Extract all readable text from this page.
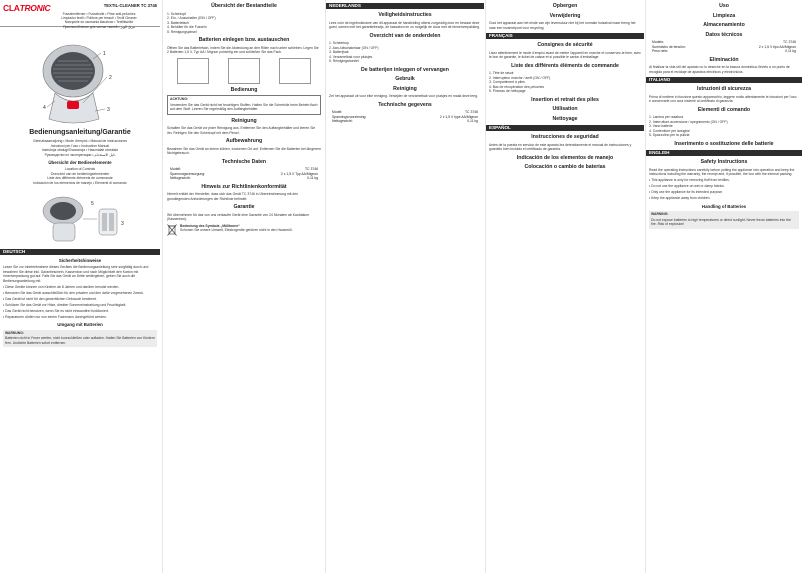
CLATRONIC	TEXTIL-CLEANER TC 3746
Fusselentferner • Fusselrolle • Prise anti-peluches
Limpiador textil • Pulitore per tessuti • Textil Cleaner
Narzędzie do usuwania kłaczków • Textiltisztító
Приспособление для чистки тканей • مزيل الوبر
1
2
4	3
Bedienungsanleitung/Garantie
Gebruiksaanwijzing • Mode d'emploi • Manual de instrucciones
Istruzioni per l'uso • Instruction Manual
Instrukcja obsługi/Gwarancja • Használati útmutató
Руководство по эксплуатации • دليل الاستخدام
Übersicht der Bedienelemente
Location of Controls
Overzicht van de bedieningselementen
Liste des différents éléments de commande
Indicación de los elementos de manejo • Elementi di comando
5
3
DEUTSCH
Sicherheitshinweise
Lesen Sie vor Inbetriebnahme dieses Gerätes die Bedienungsanleitung sehr sorgfältig durch und bewahren Sie diese inkl. Garantieschein, Kassenbon und nach Möglichkeit den Karton mit Innenverpackung gut auf. Falls Sie das Gerät an Dritte weitergeben, geben Sie auch die Bedienungsanleitung mit.
• Diese Geräte können von Kindern ab 8 Jahren und darüber benutzt werden.
• Benutzen Sie das Gerät ausschließlich für den privaten und den dafür vorgesehenen Zweck.
• Das Gerät ist nicht für den gewerblichen Gebrauch bestimmt.
• Schützen Sie das Gerät vor Hitze, direkter Sonneneinstrahlung und Feuchtigkeit.
• Das Gerät nicht benutzen, wenn Sie es nicht einwandfrei funktioniert.
• Reparaturen dürfen nur von einem Fachmann durchgeführt werden.
Umgang mit Batterien
WARNUNG:
Batterien nicht in Feuer werfen, nicht kurzschließen oder aufladen. Halten Sie Batterien von Kindern fern. Undichte Batterien sofort entfernen.
Übersicht der Bestandteile
1. Scherkopf
2. Ein- / Ausschalter (EIN / OFF)
3. Batteriefach
4. Behälter für die Fusseln
5. Reinigungspinsel
Batterien einlegen bzw. austauschen
Öffnen Sie das Batteriefach, indem Sie die Abdeckung an den Rillen nach unten schieben. Legen Sie 2 Batterien 1,5 V, Typ AA / Mignon polrichtig ein und schließen Sie das Fach.
Bedienung
ACHTUNG:
Verwenden Sie das Gerät nicht bei feuchtigen Stoffen. Halten Sie die Scherfolie beim Betrieb flach auf dem Stoff. Leeren Sie regelmäßig den Auffangbehälter.
Reinigung
Schalten Sie das Gerät vor jeder Reinigung aus. Entfernen Sie den Auffangbehälter und leeren Sie ihn. Reinigen Sie den Scherkopf mit dem Pinsel.
Aufbewahrung
Bewahren Sie das Gerät an einem kühlen, trockenen Ort auf. Entfernen Sie die Batterien bei längerem Nichtgebrauch.
Technische Daten
Modell:	TC 3746
Spannungsversorgung:	2 x 1,5 V Typ AA/Mignon
Nettogewicht:	0,11 kg
Hinweis zur Richtlinienkonformität
Hiermit erklärt der Hersteller, dass sich das Gerät TC 3746 in Übereinstimmung mit den grundlegenden Anforderungen der Richtlinie befindet.
Garantie
Wir übernehmen für das von uns verkaufte Gerät eine Garantie von 24 Monaten ab Kaufdatum (Kassenbon).
Bedeutung des Symbols „Mülltonne“
Schonen Sie unsere Umwelt, Elektrogeräte gehören nicht in den Hausmüll.
NEDERLANDS
Veiligheidsinstructies
Lees vóór de ingebruikname van dit apparaat de handleiding uiterst zorgvuldig door en bewaar deze goed, samen met het garantiebewijs, de kassabon en zo mogelijk de doos met de binnenverpakking.
Overzicht van de onderdelen
1. Scheerkop
2. Aan-/uitschakelaar (ON / OFF)
3. Batterijvak
4. Verzamelbak voor pluisjes
5. Reinigingsborstel
De batterijen inleggen of vervangen
Gebruik
Reiniging
Zet het apparaat uit voor elke reiniging. Verwijder de verzamelbak voor pluisjes en maak deze leeg.
Technische gegevens
Model:	TC 3746
Spanningsvoorziening:	2 x 1,5 V type AA/Mignon
Nettogewicht:	0,11 kg
Opbergen
Verwijdering
Gooi het apparaat aan het einde van zijn levensduur niet bij het normale huisafval maar breng het naar een inzamelpunt voor recycling.
FRANÇAIS
Consignes de sécurité
Lisez attentivement le mode d'emploi avant de mettre l'appareil en marche et conservez-le bien, avec le bon de garantie, le ticket de caisse et si possible le carton d'emballage.
Liste des différents éléments de commande
1. Tête de rasoir
2. Interrupteur marche / arrêt (ON / OFF)
3. Compartiment à piles
4. Bac de récupération des peluches
5. Pinceau de nettoyage
Insertion et retrait des piles
Utilisation
Nettoyage
ESPAÑOL
Instrucciones de seguridad
Antes de la puesta en servicio de este aparato lea detenidamente el manual de instrucciones y guárdelo bien incluido el certificado de garantía.
Indicación de los elementos de manejo
Colocación o cambio de baterías
Uso
Limpieza
Almacenamiento
Datos técnicos
Modelo:	TC 3746
Suministro de tensión:	2 x 1,5 V tipo AA/Mignon
Peso neto:	0,11 kg
Eliminación
Al finalizar la vida útil del aparato no lo deseche en la basura doméstica; llévelo a un punto de recogida para el reciclaje de aparatos eléctricos y electrónicos.
ITALIANO
Istruzioni di sicurezza
Prima di mettere in funzione questo apparecchio, leggere molto attentamente le istruzioni per l'uso e conservarle con cura insieme al certificato di garanzia.
Elementi di comando
1. Lamina per rasatura
2. Interruttore accensione / spegnimento (ON / OFF)
3. Vano batterie
4. Contenitore per lanugine
5. Spazzolino per la pulizia
Inserimento o sostituzione delle batterie
ENGLISH
Safety Instructions
Read the operating instructions carefully before putting the appliance into operation and keep the instructions including the warranty, the receipt and, if possible, the box with the internal packing.
• This appliance is only for removing fluff from textiles.
• Do not use the appliance on wet or damp fabrics.
• Only use the appliance for its intended purpose.
• Keep the appliance away from children.
Handling of Batteries
WARNING:
Do not expose batteries to high temperatures or direct sunlight. Never throw batteries into the fire. Risk of explosion!
